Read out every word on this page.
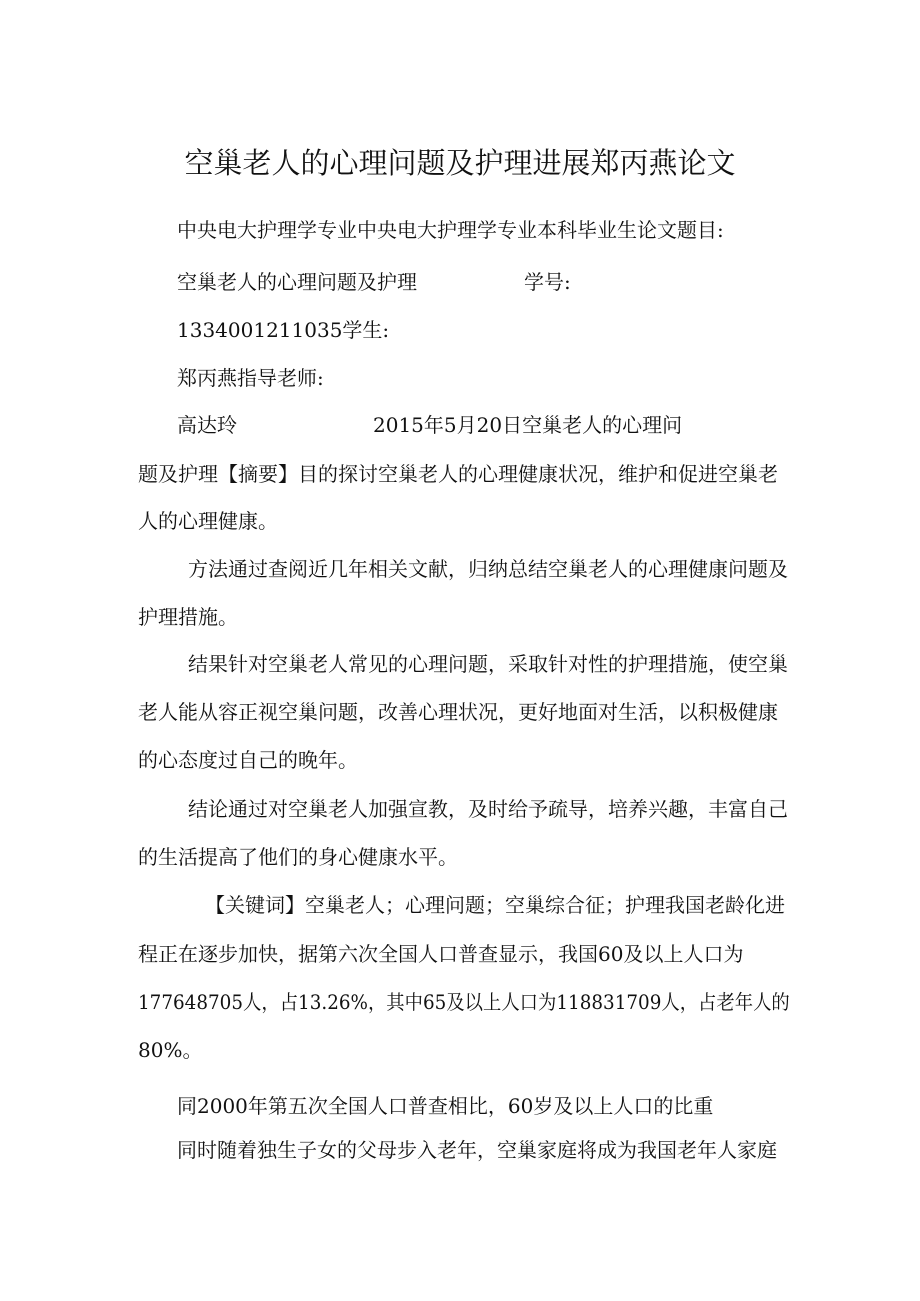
空巢老人的心理问题及护理进展郑丙燕论文
中央电大护理学专业中央电大护理学专业本科毕业生论文题目:
空巢老人的心理问题及护理	学号:
1334001211035学生:
郑丙燕指导老师:
高达玲	2015年5月20日空巢老人的心理问
题及护理【摘要】目的探讨空巢老人的心理健康状况，维护和促进空巢老
人的心理健康。
方法通过查阅近几年相关文献，归纳总结空巢老人的心理健康问题及
护理措施。
结果针对空巢老人常见的心理问题，采取针对性的护理措施，使空巢
老人能从容正视空巢问题，改善心理状况，更好地面对生活，以积极健康
的心态度过自己的晚年。
结论通过对空巢老人加强宣教，及时给予疏导，培养兴趣，丰富自己
的生活提高了他们的身心健康水平。
【关键词】空巢老人；心理问题；空巢综合征；护理我国老龄化进
程正在逐步加快，据第六次全国人口普查显示，我国60及以上人口为
177648705人，占13.26%，其中65及以上人口为118831709人，占老年人的
80%。
同2000年第五次全国人口普查相比，60岁及以上人口的比重
同时随着独生子女的父母步入老年，空巢家庭将成为我国老年人家庭
